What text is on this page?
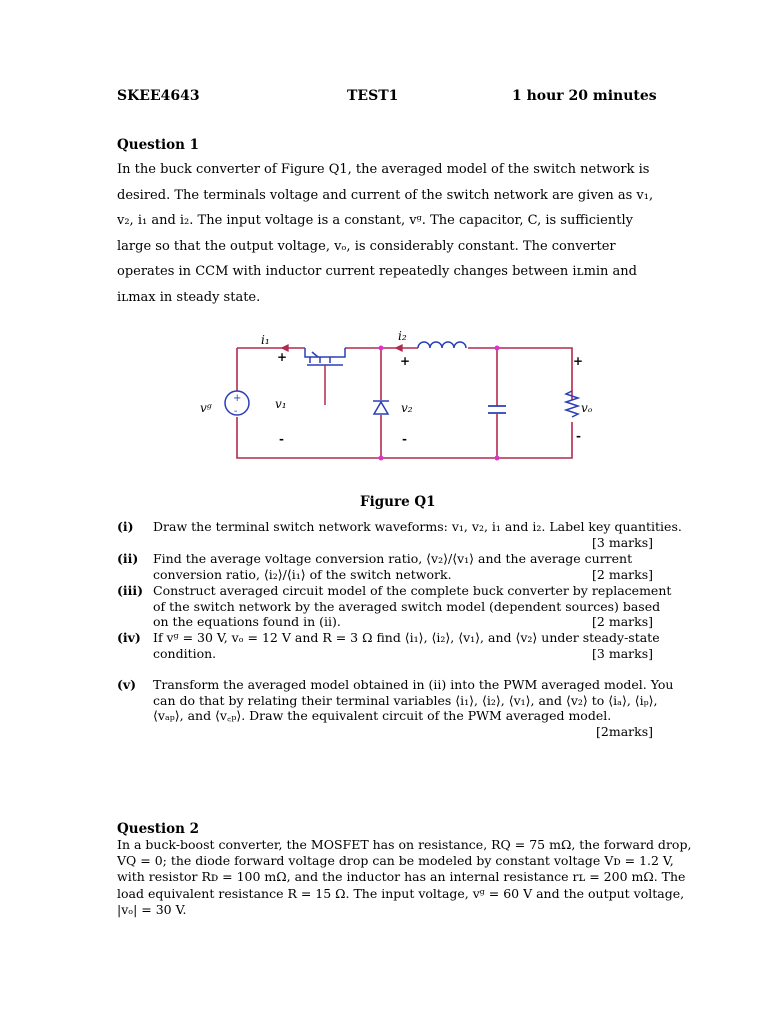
SKEE4643	TEST1	1 hour 20 minutes
Question 1
In the buck converter of Figure Q1, the averaged model of the switch network is
desired. The terminals voltage and current of the switch network are given as v₁,
v₂, i₁ and i₂. The input voltage is a constant, vᵍ. The capacitor, C, is sufficiently
large so that the output voltage, vₒ, is considerably constant. The converter
operates in CCM with inductor current repeatedly changes between iʟmin and
iʟmax in steady state.
+
-
i₁	i₂
vᵍ	v₁	v₂	vₒ
+
-
+
-
+
-
Figure Q1
(i) Draw the terminal switch network waveforms: v₁, v₂, i₁ and i₂. Label key quantities.
[3 marks]
(ii) Find the average voltage conversion ratio, ⟨v₂⟩/⟨v₁⟩ and the average current
conversion ratio, ⟨i₂⟩/⟨i₁⟩ of the switch network.	[2 marks]
(iii) Construct averaged circuit model of the complete buck converter by replacement
of the switch network by the averaged switch model (dependent sources) based
on the equations found in (ii).	[2 marks]
(iv) If vᵍ = 30 V, vₒ = 12 V and R = 3 Ω find ⟨i₁⟩, ⟨i₂⟩, ⟨v₁⟩, and ⟨v₂⟩ under steady-state
condition.	[3 marks]
(v) Transform the averaged model obtained in (ii) into the PWM averaged model. You
can do that by relating their terminal variables ⟨i₁⟩, ⟨i₂⟩, ⟨v₁⟩, and ⟨v₂⟩ to ⟨iₐ⟩, ⟨iₚ⟩,
⟨vₐₚ⟩, and ⟨v꜀ₚ⟩. Draw the equivalent circuit of the PWM averaged model.
[2marks]
Question 2
In a buck-boost converter, the MOSFET has on resistance, RQ = 75 mΩ, the forward drop,
VQ = 0; the diode forward voltage drop can be modeled by constant voltage Vᴅ = 1.2 V,
with resistor Rᴅ = 100 mΩ, and the inductor has an internal resistance rʟ = 200 mΩ. The
load equivalent resistance R = 15 Ω. The input voltage, vᵍ = 60 V and the output voltage,
|vₒ| = 30 V.
